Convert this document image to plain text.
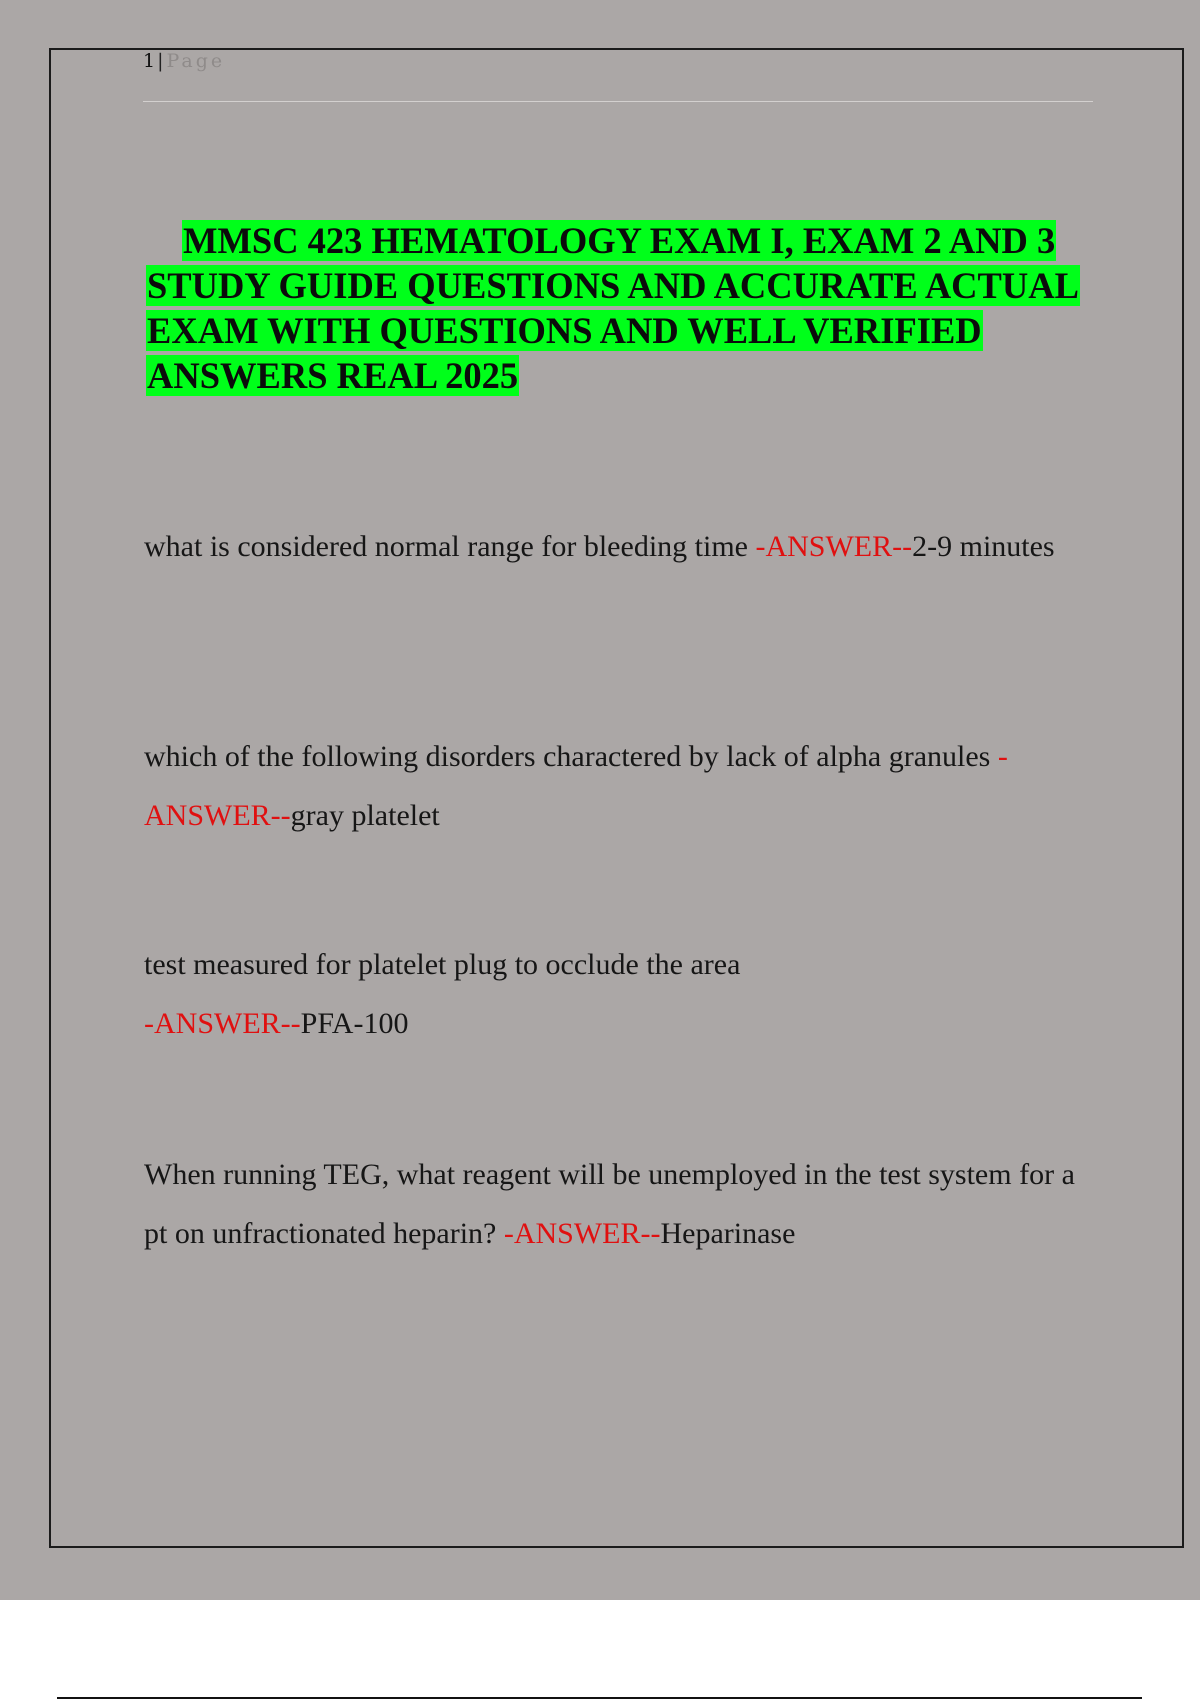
1| Page
MMSC 423 HEMATOLOGY EXAM I, EXAM 2 AND 3 STUDY GUIDE QUESTIONS AND ACCURATE ACTUAL EXAM WITH QUESTIONS AND WELL VERIFIED ANSWERS REAL 2025

what is considered normal range for bleeding time -ANSWER--2-9 minutes

which of the following disorders charactered by lack of alpha granules -ANSWER--gray platelet

test measured for platelet plug to occlude the area
-ANSWER--PFA-100

When running TEG, what reagent will be unemployed in the test system for a pt on unfractionated heparin? -ANSWER--Heparinase
